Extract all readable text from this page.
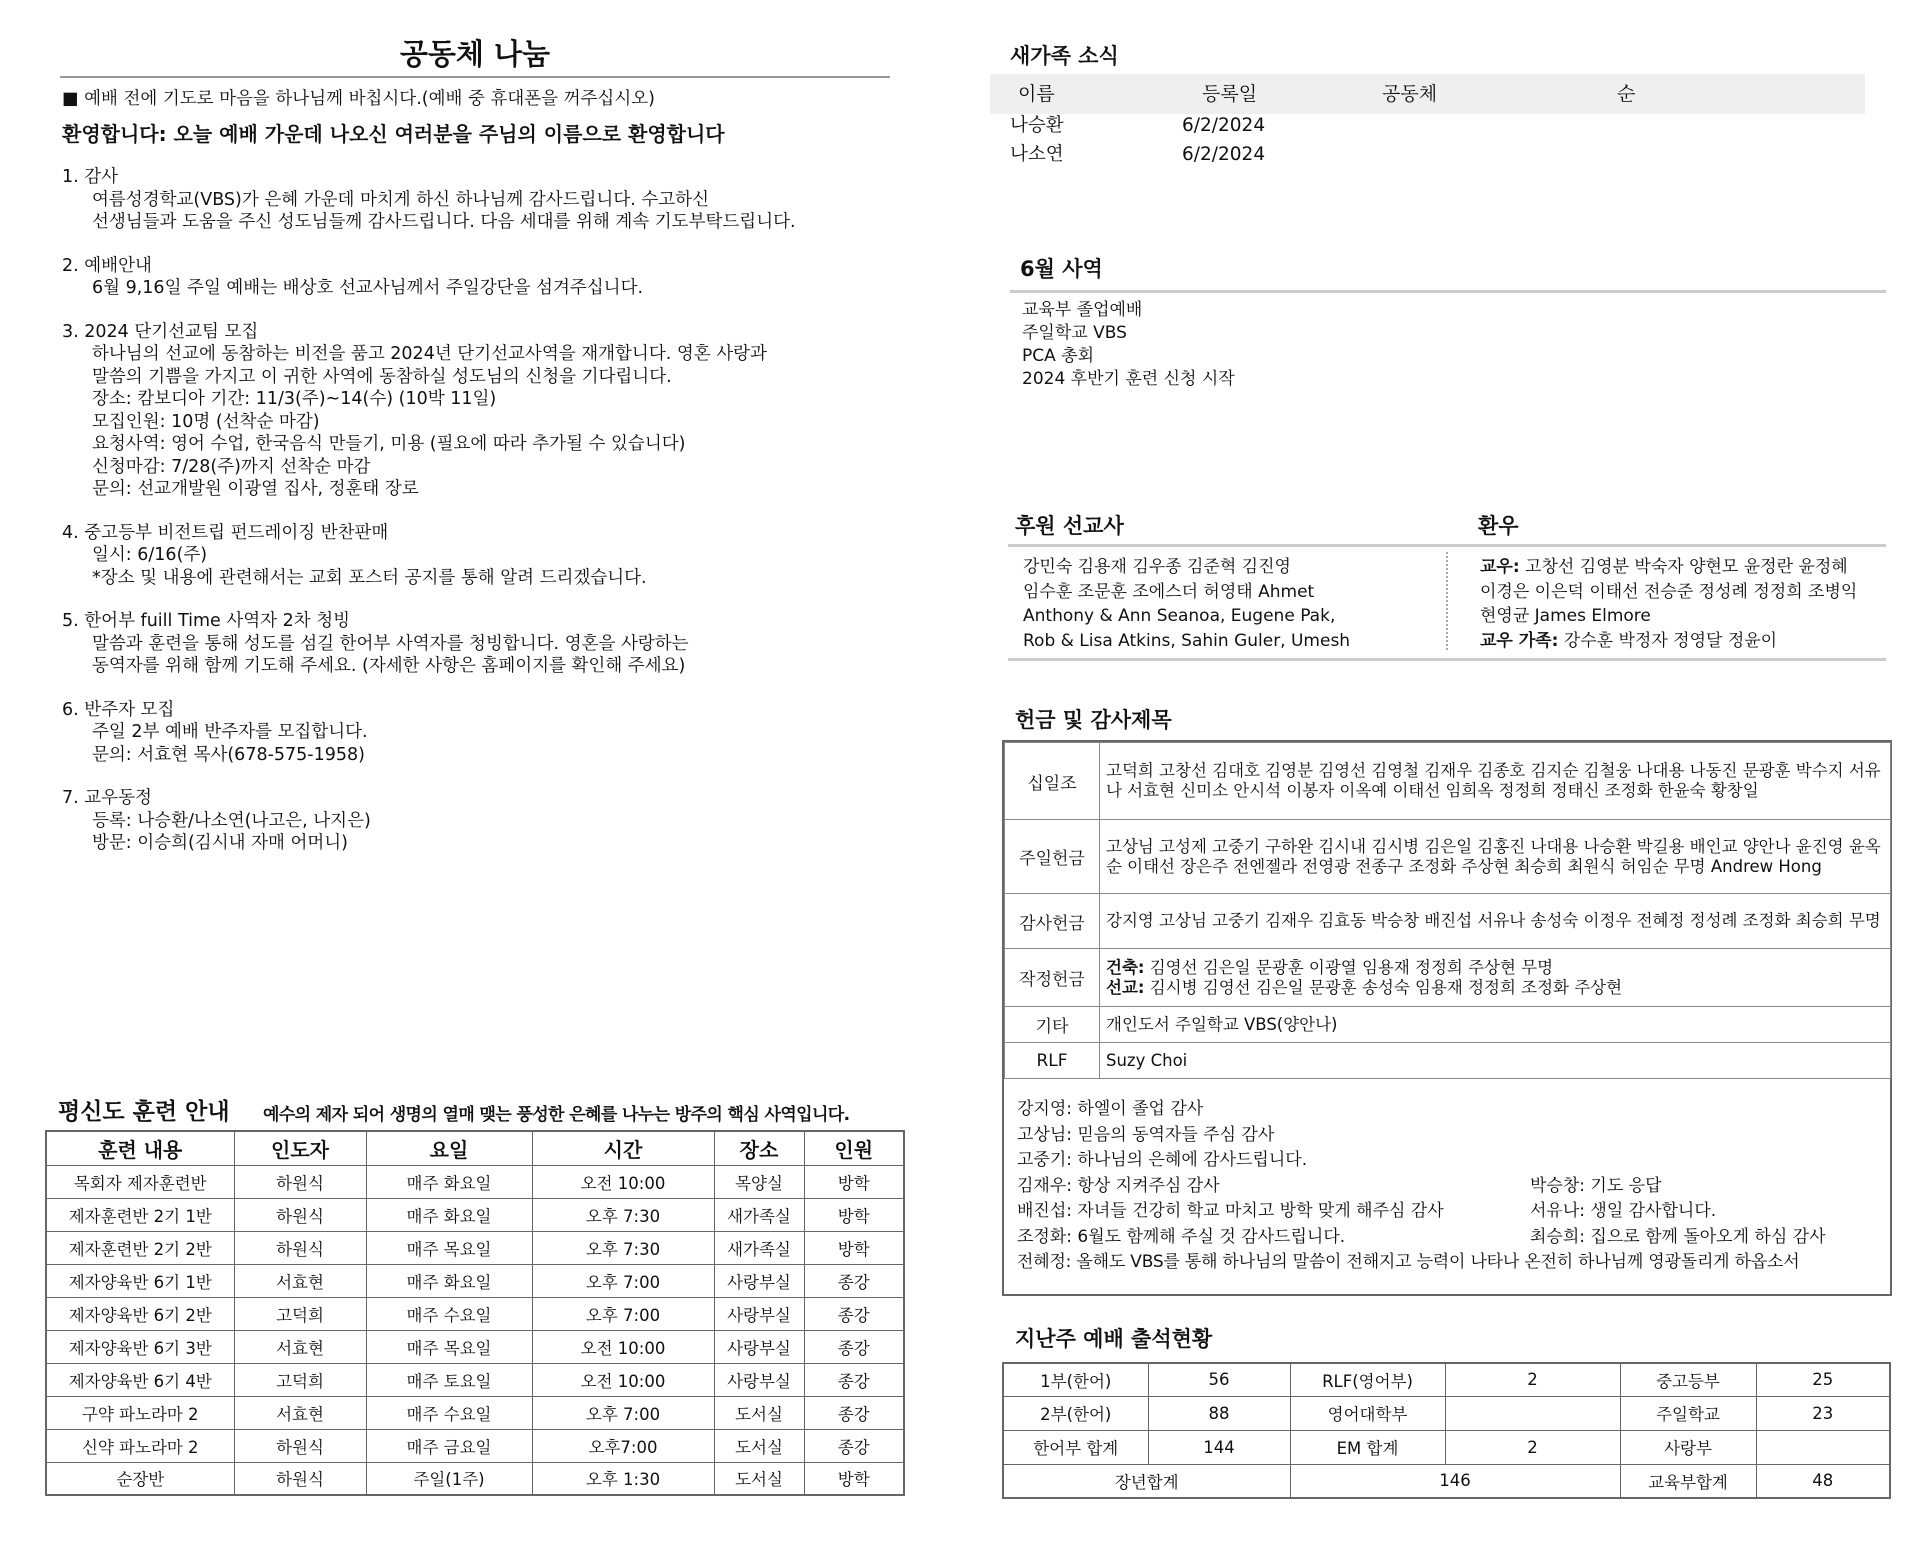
공동체 나눔
■ 예배 전에 기도로 마음을 하나님께 바칩시다.(예배 중 휴대폰을 꺼주십시오)
환영합니다: 오늘 예배 가운데 나오신 여러분을 주님의 이름으로 환영합니다
1. 감사
여름성경학교(VBS)가 은혜 가운데 마치게 하신 하나님께 감사드립니다. 수고하신
선생님들과 도움을 주신 성도님들께 감사드립니다. 다음 세대를 위해 계속 기도부탁드립니다.
2. 예배안내
6월 9,16일 주일 예배는 배상호 선교사님께서 주일강단을 섬겨주십니다.
3. 2024 단기선교팀 모집
하나님의 선교에 동참하는 비전을 품고 2024년 단기선교사역을 재개합니다. 영혼 사랑과
말씀의 기쁨을 가지고 이 귀한 사역에 동참하실 성도님의 신청을 기다립니다.
장소: 캄보디아 기간: 11/3(주)~14(수) (10박 11일)
모집인원: 10명 (선착순 마감)
요청사역: 영어 수업, 한국음식 만들기, 미용 (필요에 따라 추가될 수 있습니다)
신청마감: 7/28(주)까지 선착순 마감
문의: 선교개발원 이광열 집사, 정훈태 장로
4. 중고등부 비전트립 펀드레이징 반찬판매
일시: 6/16(주)
*장소 및 내용에 관련해서는 교회 포스터 공지를 통해 알려 드리겠습니다.
5. 한어부 fuill Time 사역자 2차 청빙
말씀과 훈련을 통해 성도를 섬길 한어부 사역자를 청빙합니다. 영혼을 사랑하는
동역자를 위해 함께 기도해 주세요. (자세한 사항은 홈페이지를 확인해 주세요)
6. 반주자 모집
주일 2부 예배 반주자를 모집합니다.
문의: 서효현 목사(678-575-1958)
7. 교우동정
등록: 나승환/나소연(나고은, 나지은)
방문: 이승희(김시내 자매 어머니)
평신도 훈련 안내 예수의 제자 되어 생명의 열매 맺는 풍성한 은혜를 나누는 방주의 핵심 사역입니다.
훈련 내용	인도자	요일	시간	장소	인원
목회자 제자훈련반	하원식	매주 화요일	오전 10:00	목양실	방학
제자훈련반 2기 1반	하원식	매주 화요일	오후 7:30	새가족실	방학
제자훈련반 2기 2반	하원식	매주 목요일	오후 7:30	새가족실	방학
제자양육반 6기 1반	서효현	매주 화요일	오후 7:00	사랑부실	종강
제자양육반 6기 2반	고덕희	매주 수요일	오후 7:00	사랑부실	종강
제자양육반 6기 3반	서효현	매주 목요일	오전 10:00	사랑부실	종강
제자양육반 6기 4반	고덕희	매주 토요일	오전 10:00	사랑부실	종강
구약 파노라마 2	서효현	매주 수요일	오후 7:00	도서실	종강
신약 파노라마 2	하원식	매주 금요일	오후7:00	도서실	종강
순장반	하원식	주일(1주)	오후 1:30	도서실	방학
새가족 소식
이름	등록일	공동체	순
나승환	6/2/2024
나소연	6/2/2024
6월 사역
교육부 졸업예배
주일학교 VBS
PCA 총회
2024 후반기 훈련 신청 시작
후원 선교사	환우
강민숙 김용재 김우종 김준혁 김진영
임수훈 조문훈 조에스더 허영태 Ahmet
Anthony & Ann Seanoa, Eugene Pak,
Rob & Lisa Atkins, Sahin Guler, Umesh
교우: 고창선 김영분 박숙자 양현모 윤정란 윤정혜
이경은 이은덕 이태선 전승준 정성례 정정희 조병익
현영균 James Elmore
교우 가족: 강수훈 박정자 정영달 정윤이
헌금 및 감사제목
십일조	고덕희 고창선 김대호 김영분 김영선 김영철 김재우 김종호 김지순 김철웅 나대용 나동진 문광훈 박수지 서유나 서효현 신미소 안시석 이봉자 이옥예 이태선 임희옥 정정희 정태신 조정화 한윤숙 황창일
주일헌금	고상님 고성제 고중기 구하완 김시내 김시병 김은일 김홍진 나대용 나승환 박길용 배인교 양안나 윤진영 윤옥순 이태선 장은주 전엔젤라 전영광 전종구 조정화 주상현 최승희 최원식 허임순 무명 Andrew Hong
감사헌금	강지영 고상님 고중기 김재우 김효동 박승창 배진섭 서유나 송성숙 이정우 전혜정 정성례 조정화 최승희 무명
작정헌금	건축: 김영선 김은일 문광훈 이광열 임용재 정정희 주상현 무명
선교: 김시병 김영선 김은일 문광훈 송성숙 임용재 정정희 조정화 주상현

기타	개인도서 주일학교 VBS(양안나)
RLF	Suzy Choi
강지영: 하엘이 졸업 감사
고상님: 믿음의 동역자들 주심 감사
고중기: 하나님의 은혜에 감사드립니다.
김재우: 항상 지켜주심 감사
배진섭: 자녀들 건강히 학교 마치고 방학 맞게 해주심 감사
조정화: 6월도 함께해 주실 것 감사드립니다.
전혜정: 올해도 VBS를 통해 하나님의 말씀이 전해지고 능력이 나타나 온전히 하나님께 영광돌리게 하옵소서
박승창: 기도 응답
서유나: 생일 감사합니다.
최승희: 집으로 함께 돌아오게 하심 감사
지난주 예배 출석현황
1부(한어)	56	RLF(영어부)	2	중고등부	25
2부(한어)	88	영어대학부		주일학교	23
한어부 합계	144	EM 합계	2	사랑부	
장년합계		146		교육부합계	48
